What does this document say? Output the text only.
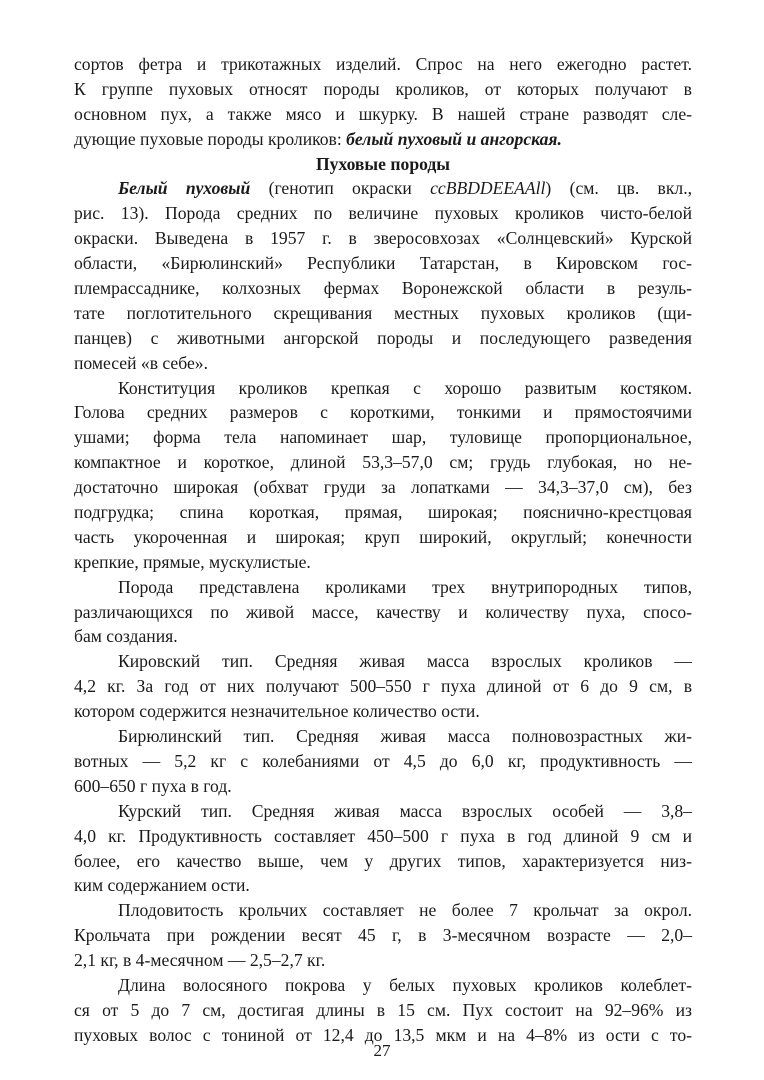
сортов фетра и трикотажных изделий. Спрос на него ежегодно растет.
К группе пуховых относят породы кроликов, от которых получают в
основном пух, а также мясо и шкурку. В нашей стране разводят сле-
дующие пуховые породы кроликов: белый пуховый и ангорская.
Пуховые породы
Белый пуховый (генотип окраски ccBBDDEEAAll) (см. цв. вкл.,
рис. 13). Порода средних по величине пуховых кроликов чисто-белой
окраски. Выведена в 1957 г. в зверосовхозах «Солнцевский» Курской
области, «Бирюлинский» Республики Татарстан, в Кировском гос-
племрассаднике, колхозных фермах Воронежской области в резуль-
тате поглотительного скрещивания местных пуховых кроликов (щи-
панцев) с животными ангорской породы и последующего разведения
помесей «в себе».
Конституция кроликов крепкая с хорошо развитым костяком.
Голова средних размеров с короткими, тонкими и прямостоячими
ушами; форма тела напоминает шар, туловище пропорциональное,
компактное и короткое, длиной 53,3–57,0 см; грудь глубокая, но не-
достаточно широкая (обхват груди за лопатками — 34,3–37,0 см), без
подгрудка; спина короткая, прямая, широкая; пояснично-крестцовая
часть укороченная и широкая; круп широкий, округлый; конечности
крепкие, прямые, мускулистые.
Порода представлена кроликами трех внутрипородных типов,
различающихся по живой массе, качеству и количеству пуха, спосо-
бам создания.
Кировский тип. Средняя живая масса взрослых кроликов —
4,2 кг. За год от них получают 500–550 г пуха длиной от 6 до 9 см, в
котором содержится незначительное количество ости.
Бирюлинский тип. Средняя живая масса полновозрастных жи-
вотных — 5,2 кг с колебаниями от 4,5 до 6,0 кг, продуктивность —
600–650 г пуха в год.
Курский тип. Средняя живая масса взрослых особей — 3,8–
4,0 кг. Продуктивность составляет 450–500 г пуха в год длиной 9 см и
более, его качество выше, чем у других типов, характеризуется низ-
ким содержанием ости.
Плодовитость крольчих составляет не более 7 крольчат за окрол.
Крольчата при рождении весят 45 г, в 3-месячном возрасте — 2,0–
2,1 кг, в 4-месячном — 2,5–2,7 кг.
Длина волосяного покрова у белых пуховых кроликов колеблет-
ся от 5 до 7 см, достигая длины в 15 см. Пух состоит на 92–96% из
пуховых волос с тониной от 12,4 до 13,5 мкм и на 4–8% из ости с то-
27
